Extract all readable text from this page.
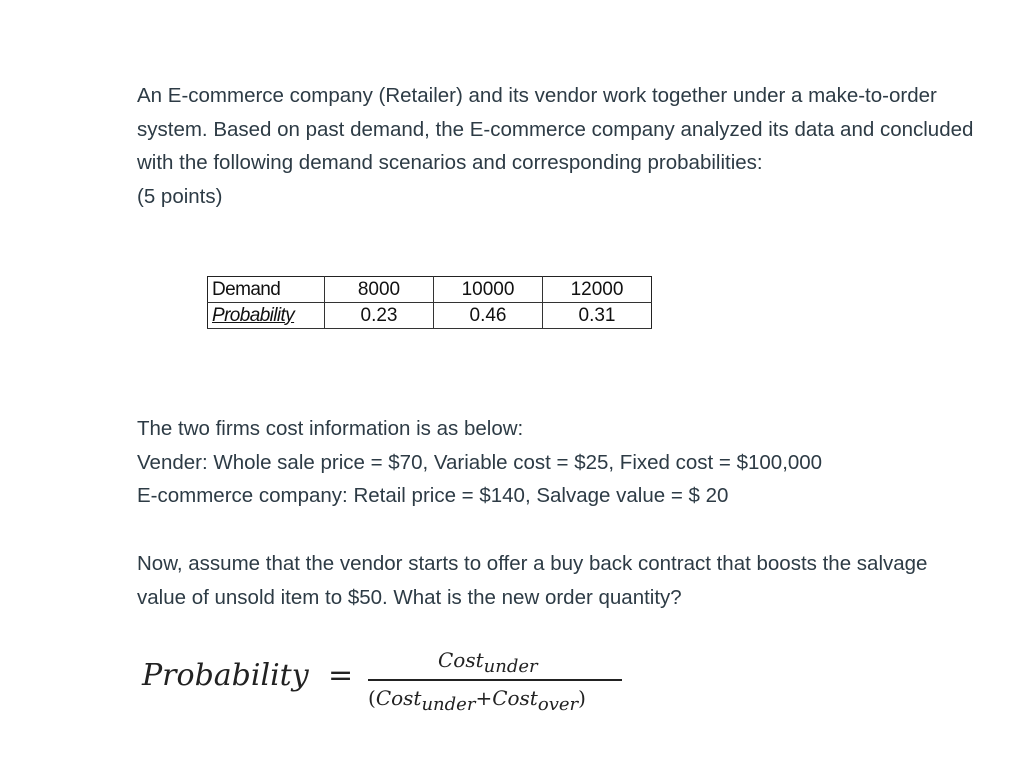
An E-commerce company (Retailer) and its vendor work together under a make-to-order
system. Based on past demand, the E-commerce company analyzed its data and concluded
with the following demand scenarios and corresponding probabilities:
(5 points)
Demand	8000	10000	12000
Probability	0.23	0.46	0.31
The two firms cost information is as below:
Vender: Whole sale price = $70, Variable cost = $25, Fixed cost = $100,000
E-commerce company: Retail price = $140, Salvage value = $ 20
Now, assume that the vendor starts to offer a buy back contract that boosts the salvage
value of unsold item to $50. What is the new order quantity?
Probability =	Cost$_{under}$
(Cost$_{under}$+Cost$_{over}$)
